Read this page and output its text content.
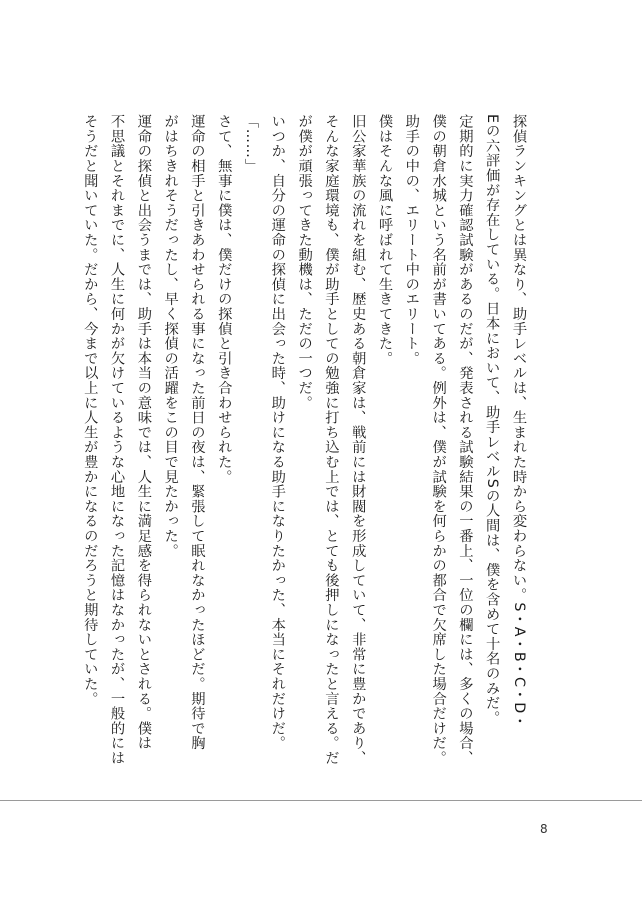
探偵ランキングとは異なり、助手レベルは、生まれた時から変わらない。S・A・B・C・D・
Eの六評価が存在している。日本において、助手レベルSの人間は、僕を含めて十名のみだ。
定期的に実力確認試験があるのだが、発表される試験結果の一番上、一位の欄には、多くの場合、
僕の朝倉水城という名前が書いてある。例外は、僕が試験を何らかの都合で欠席した場合だけだ。
助手の中の、エリート中のエリート。
僕はそんな風に呼ばれて生きてきた。
旧公家華族の流れを組む、歴史ある朝倉家は、戦前には財閥を形成していて、非常に豊かであり、
そんな家庭環境も、僕が助手としての勉強に打ち込む上では、とても後押しになったと言える。だ
が僕が頑張ってきた動機は、ただの一つだ。
いつか、自分の運命の探偵に出会った時、助けになる助手になりたかった、本当にそれだけだ。
「……」
さて、無事に僕は、僕だけの探偵と引き合わせられた。
運命の相手と引きあわせられる事になった前日の夜は、緊張して眠れなかったほどだ。期待で胸
がはちきれそうだったし、早く探偵の活躍をこの目で見たかった。
運命の探偵と出会うまでは、助手は本当の意味では、人生に満足感を得られないとされる。僕は
不思議とそれまでに、人生に何かが欠けているような心地になった記憶はなかったが、一般的には
そうだと聞いていた。だから、今まで以上に人生が豊かになるのだろうと期待していた。
8
